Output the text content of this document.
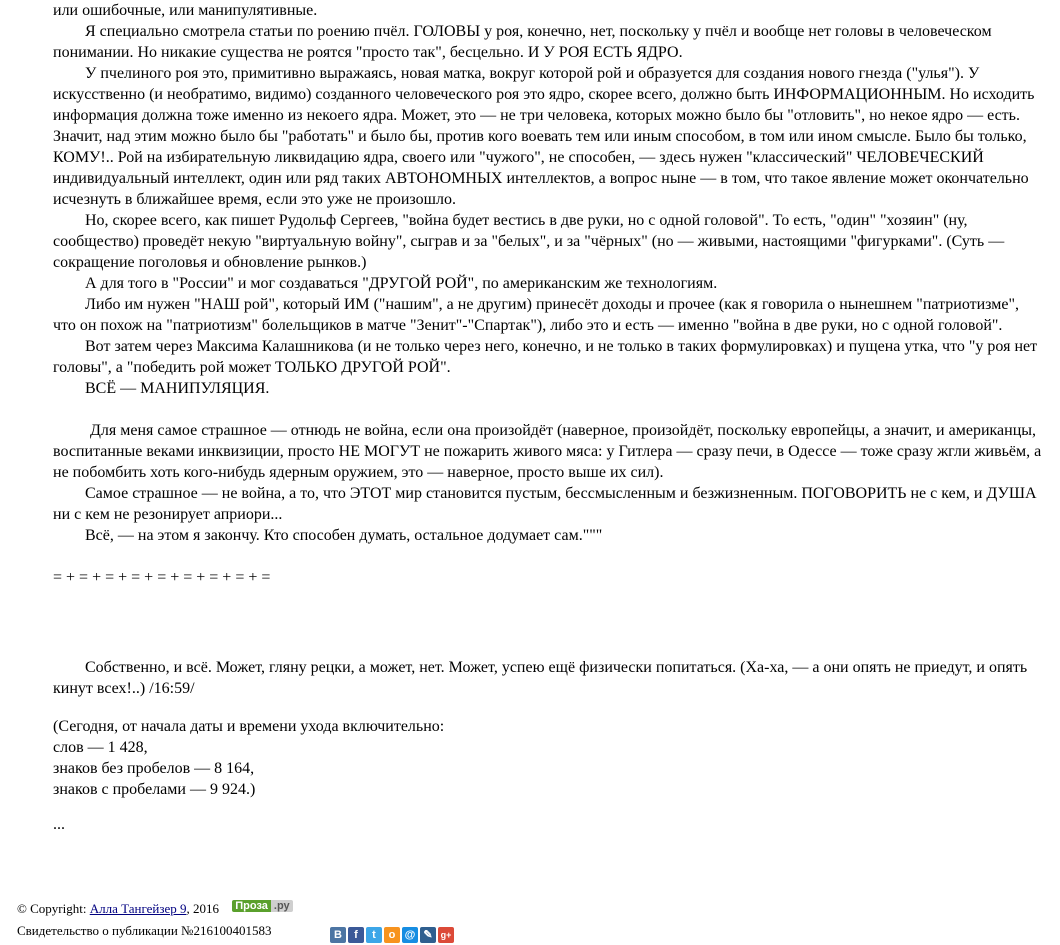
или ошибочные, или манипулятивные.

Я специально смотрела статьи по роению пчёл. ГОЛОВЫ у роя, конечно, нет, поскольку у пчёл и вообще нет головы в человеческом понимании. Но никакие существа не роятся "просто так", бесцельно. И У РОЯ ЕСТЬ ЯДРО.

У пчелиного роя это, примитивно выражаясь, новая матка, вокруг которой рой и образуется для создания нового гнезда ("улья"). У искусственно (и необратимо, видимо) созданного человеческого роя это ядро, скорее всего, должно быть ИНФОРМАЦИОННЫМ. Но исходить информация должна тоже именно из некоего ядра. Может, это — не три человека, которых можно было бы "отловить", но некое ядро — есть. Значит, над этим можно было бы "работать" и было бы, против кого воевать тем или иным способом, в том или ином смысле. Было бы только, КОМУ!.. Рой на избирательную ликвидацию ядра, своего или "чужого", не способен, — здесь нужен "классический" ЧЕЛОВЕЧЕСКИЙ индивидуальный интеллект, один или ряд таких АВТОНОМНЫХ интеллектов, а вопрос ныне — в том, что такое явление может окончательно исчезнуть в ближайшее время, если это уже не произошло.

Но, скорее всего, как пишет Рудольф Сергеев, "война будет вестись в две руки, но с одной головой". То есть, "один" "хозяин" (ну, сообщество) проведёт некую "виртуальную войну", сыграв и за "белых", и за "чёрных" (но — живыми, настоящими "фигурками". (Суть — сокращение поголовья и обновление рынков.)

А для того в "России" и мог создаваться "ДРУГОЙ РОЙ", по американским же технологиям.

Либо им нужен "НАШ рой", который ИМ ("нашим", а не другим) принесёт доходы и прочее (как я говорила о нынешнем "патриотизме", что он похож на "патриотизм" болельщиков в матче "Зенит"-"Спартак"), либо это и есть — именно "война в две руки, но с одной головой".

Вот затем через Максима Калашникова (и не только через него, конечно, и не только в таких формулировках) и пущена утка, что "у роя нет головы", а "победить рой может ТОЛЬКО ДРУГОЙ РОЙ".

ВСЁ — МАНИПУЛЯЦИЯ.

Для меня самое страшное — отнюдь не война, если она произойдёт (наверное, произойдёт, поскольку европейцы, а значит, и американцы, воспитанные веками инквизиции, просто НЕ МОГУТ не пожарить живого мяса: у Гитлера — сразу печи, в Одессе — тоже сразу жгли живьём, а не побомбить хоть кого-нибудь ядерным оружием, это — наверное, просто выше их сил).

Самое страшное — не война, а то, что ЭТОТ мир становится пустым, бессмысленным и безжизненным. ПОГОВОРИТЬ не с кем, и ДУША ни с кем не резонирует априори...

Всё, — на этом я закончу. Кто способен думать, остальное додумает сам."""

= + = + = + = + = + = + = + = + =

Собственно, и всё. Может, гляну рецки, а может, нет. Может, успею ещё физически попитаться. (Ха-ха, — а они опять не приедут, и опять кинут всех!..) /16:59/

(Сегодня, от начала даты и времени ухода включительно:

слов — 1 428,

знаков без пробелов — 8 164,

знаков с пробелами — 9 924.)

...

© Copyright: Алла Тангейзер 9, 2016 Проза .ру
Свидетельство о публикации №216100401583	В f t о @ ✎ g+
